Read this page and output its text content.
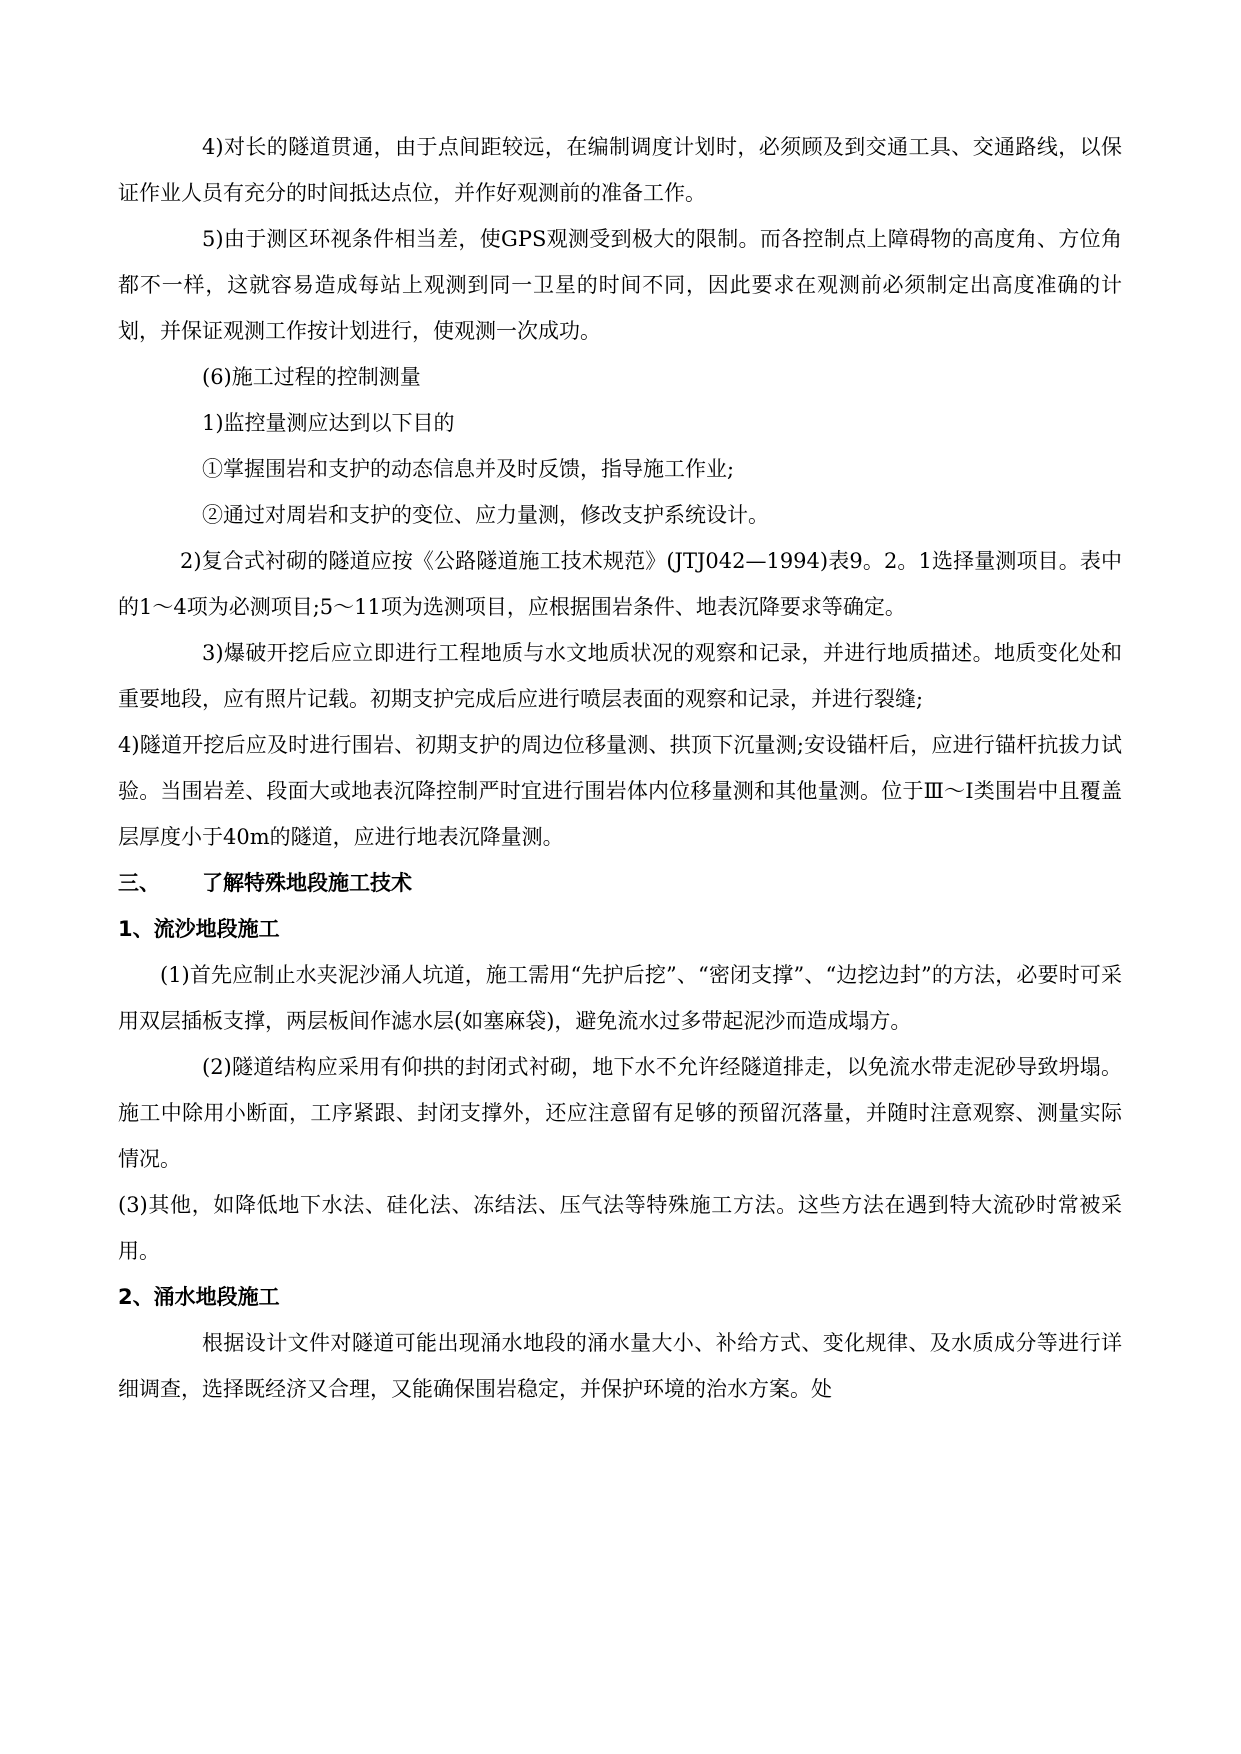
4)对长的隧道贯通，由于点间距较远，在编制调度计划时，必须顾及到交通工具、交通路线，以保证作业人员有充分的时间抵达点位，并作好观测前的准备工作。

5)由于测区环视条件相当差，使GPS观测受到极大的限制。而各控制点上障碍物的高度角、方位角都不一样，这就容易造成每站上观测到同一卫星的时间不同，因此要求在观测前必须制定出高度准确的计划，并保证观测工作按计划进行，使观测一次成功。

(6)施工过程的控制测量

1)监控量测应达到以下目的

①掌握围岩和支护的动态信息并及时反馈，指导施工作业;

②通过对周岩和支护的变位、应力量测，修改支护系统设计。

2)复合式衬砌的隧道应按《公路隧道施工技术规范》(JTJ042—1994)表9。2。1选择量测项目。表中的1～4项为必测项目;5～11项为选测项目，应根据围岩条件、地表沉降要求等确定。

3)爆破开挖后应立即进行工程地质与水文地质状况的观察和记录，并进行地质描述。地质变化处和重要地段，应有照片记载。初期支护完成后应进行喷层表面的观察和记录，并进行裂缝;

4)隧道开挖后应及时进行围岩、初期支护的周边位移量测、拱顶下沉量测;安设锚杆后，应进行锚杆抗拔力试验。当围岩差、段面大或地表沉降控制严时宜进行围岩体内位移量测和其他量测。位于Ⅲ～Ⅰ类围岩中且覆盖层厚度小于40m的隧道，应进行地表沉降量测。

三、 了解特殊地段施工技术

1、流沙地段施工

(1)首先应制止水夹泥沙涌人坑道，施工需用“先护后挖”、“密闭支撑”、“边挖边封”的方法，必要时可采用双层插板支撑，两层板间作滤水层(如塞麻袋)，避免流水过多带起泥沙而造成塌方。

(2)隧道结构应采用有仰拱的封闭式衬砌，地下水不允许经隧道排走，以免流水带走泥砂导致坍塌。施工中除用小断面，工序紧跟、封闭支撑外，还应注意留有足够的预留沉落量，并随时注意观察、测量实际情况。

(3)其他，如降低地下水法、硅化法、冻结法、压气法等特殊施工方法。这些方法在遇到特大流砂时常被采用。

2、涌水地段施工

根据设计文件对隧道可能出现涌水地段的涌水量大小、补给方式、变化规律、及水质成分等进行详细调查，选择既经济又合理，又能确保围岩稳定，并保护环境的治水方案。处
